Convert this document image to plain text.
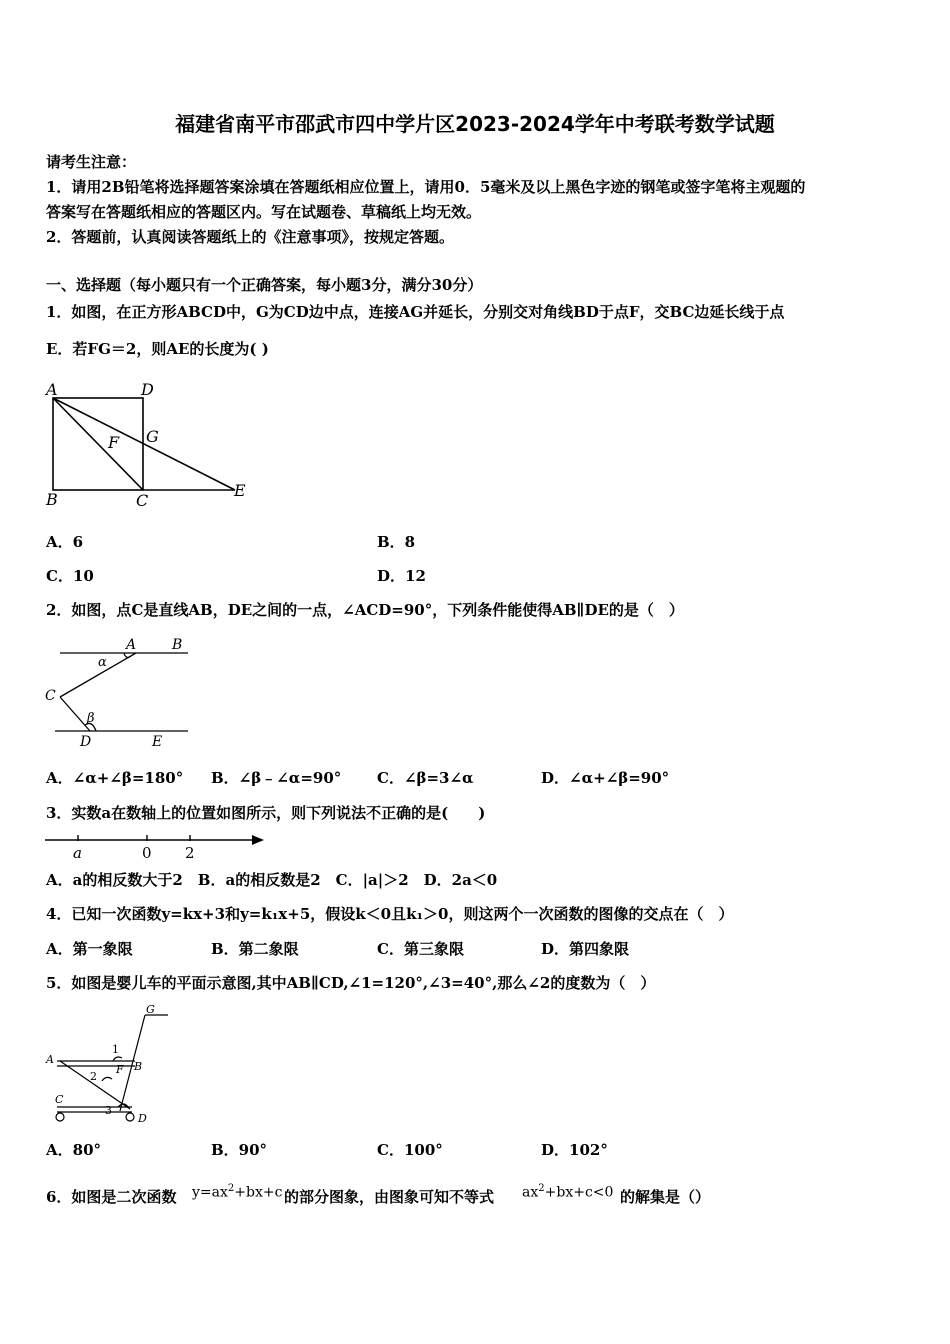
福建省南平市邵武市四中学片区2023-2024学年中考联考数学试题
请考生注意：
1．请用2B铅笔将选择题答案涂填在答题纸相应位置上，请用0．5毫米及以上黑色字迹的钢笔或签字笔将主观题的
答案写在答题纸相应的答题区内。写在试题卷、草稿纸上均无效。
2．答题前，认真阅读答题纸上的《注意事项》，按规定答题。
一、选择题（每小题只有一个正确答案，每小题3分，满分30分）
1．如图，在正方形ABCD中，G为CD边中点，连接AG并延长，分别交对角线BD于点F，交BC边延长线于点
E．若FG＝2，则AE的长度为( )
A	D
B	C
E
F G
A．6	B．8
C．10	D．12
2．如图，点C是直线AB，DE之间的一点，∠ACD=90°，下列条件能使得AB∥DE的是（　）
A	B
C
D	E
α
β
A．∠α+∠β=180° B．∠β﹣∠α=90° C．∠β=3∠α	D．∠α+∠β=90°
3．实数a在数轴上的位置如图所示，则下列说法不正确的是(　　)
a	0 2
A．a的相反数大于2　B．a的相反数是2　C．|a|＞2　D．2a＜0
4．已知一次函数y=kx+3和y=k₁x+5，假设k＜0且k₁＞0，则这两个一次函数的图像的交点在（　）
A．第一象限	B．第二象限	C．第三象限	D．第四象限
5．如图是婴儿车的平面示意图,其中AB∥CD,∠1=120°,∠3=40°,那么∠2的度数为（　）
G
A
B
F
C
D
1
2
3
A．80°	B．90°	C．100°	D．102°
6．如图是二次函数 $y=ax^2+bx+c$ 的部分图象，由图象可知不等式 $ax^2+bx+c<0$ 的解集是（）
